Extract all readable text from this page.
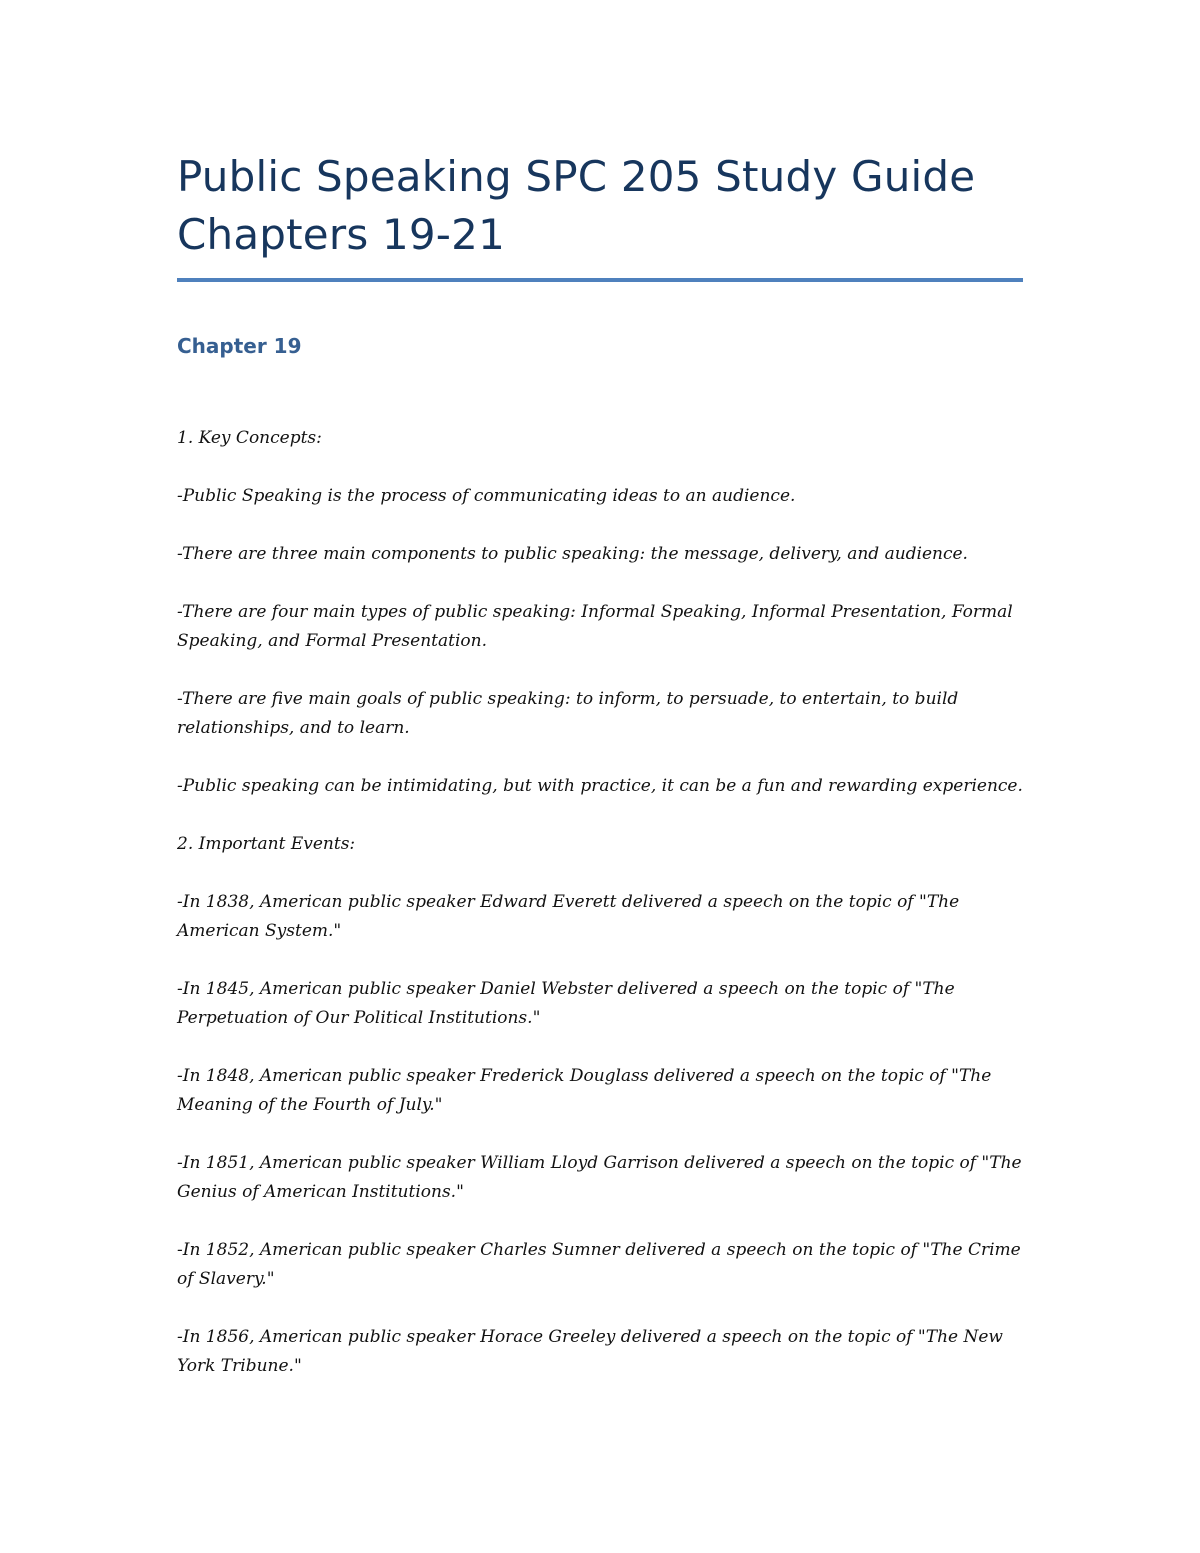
Public Speaking SPC 205 Study Guide
Chapters 19-21
Chapter 19

1. Key Concepts:

-Public Speaking is the process of communicating ideas to an audience.

-There are three main components to public speaking: the message, delivery, and audience.

-There are four main types of public speaking: Informal Speaking, Informal Presentation, Formal Speaking, and Formal Presentation.

-There are five main goals of public speaking: to inform, to persuade, to entertain, to build relationships, and to learn.

-Public speaking can be intimidating, but with practice, it can be a fun and rewarding experience.

2. Important Events:

-In 1838, American public speaker Edward Everett delivered a speech on the topic of "The American System."

-In 1845, American public speaker Daniel Webster delivered a speech on the topic of "The Perpetuation of Our Political Institutions."

-In 1848, American public speaker Frederick Douglass delivered a speech on the topic of "The Meaning of the Fourth of July."

-In 1851, American public speaker William Lloyd Garrison delivered a speech on the topic of "The Genius of American Institutions."

-In 1852, American public speaker Charles Sumner delivered a speech on the topic of "The Crime of Slavery."

-In 1856, American public speaker Horace Greeley delivered a speech on the topic of "The New York Tribune."
